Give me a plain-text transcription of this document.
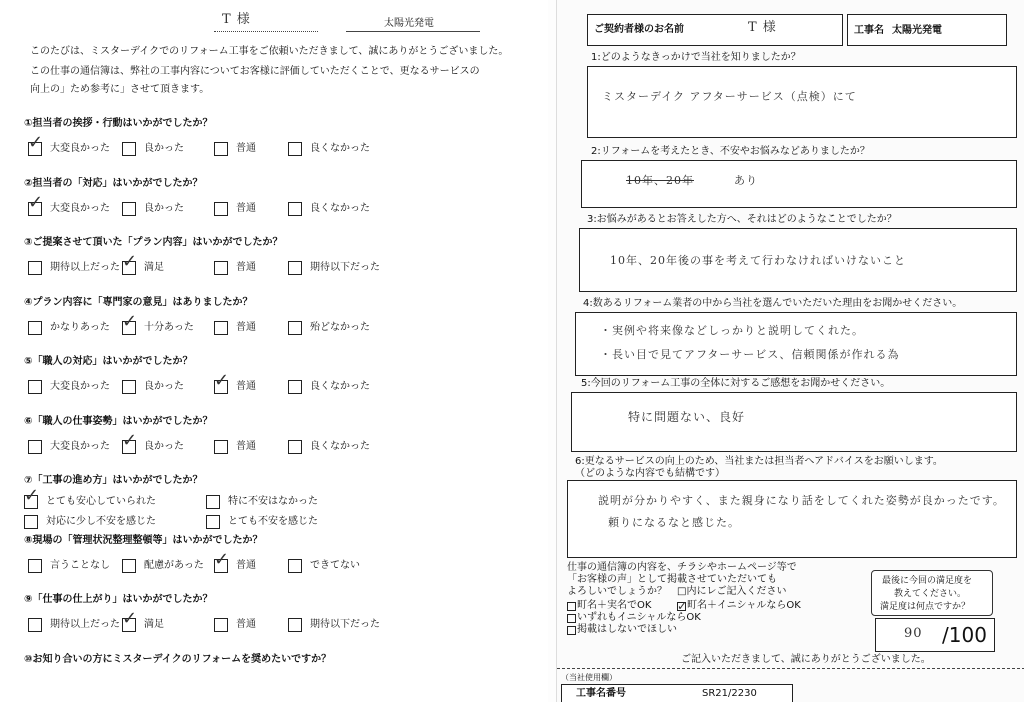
T 様	太陽光発電
このたびは、ミスターデイクでのリフォーム工事をご依頼いただきまして、誠にありがとうございました。
この仕事の通信簿は、弊社の工事内容についてお客様に評価していただくことで、更なるサービスの
向上の」ため参考に」させて頂きます。
①担当者の挨拶・行動はいかがでしたか？
✓ 大変良かった	良かった	普通	良くなかった
②担当者の「対応」はいかがでしたか？
✓ 大変良かった	良かった	普通	良くなかった
③ご提案させて頂いた「プラン内容」はいかがでしたか？
期待以上だった ✓ 満足	普通	期待以下だった
④プラン内容に「専門家の意見」はありましたか？
かなりあった ✓ 十分あった	普通	殆どなかった
⑤「職人の対応」はいかがでしたか？
大変良かった	良かった ✓ 普通	良くなかった
⑥「職人の仕事姿勢」はいかがでしたか？
大変良かった ✓ 良かった	普通	良くなかった
⑦「工事の進め方」はいかがでしたか？
✓ とても安心していられた	特に不安はなかった
対応に少し不安を感じた	とても不安を感じた
⑧現場の「管理状況整理整頓等」はいかがでしたか？
言うことなし	配慮があった ✓ 普通	できてない
⑨「仕事の仕上がり」はいかがでしたか？
期待以上だった ✓ 満足	普通	期待以下だった
⑩お知り合いの方にミスターデイクのリフォームを奨めたいですか？
ご契約者様のお名前	T 様	工事名 太陽光発電
1:どのようなきっかけで当社を知りましたか？
ミスターデイク アフターサービス（点検）にて
2:リフォームを考えたとき、不安やお悩みなどありましたか？
10年、20年	あり
3:お悩みがあるとお答えした方へ、それはどのようなことでしたか？
10年、20年後の事を考えて行わなければいけないこと
4:数あるリフォーム業者の中から当社を選んでいただいた理由をお聞かせください。
・実例や将来像などしっかりと説明してくれた。
・長い目で見てアフターサービス、信頼関係が作れる為
5:今回のリフォーム工事の全体に対するご感想をお聞かせください。
特に問題ない、良好
6:更なるサービスの向上のため、当社または担当者へアドバイスをお願いします。
（どのような内容でも結構です）
説明が分かりやすく、また親身になり話をしてくれた姿勢が良かったです。
頼りになるなと感じた。
仕事の通信簿の内容を、チラシやホームページ等で
「お客様の声」として掲載させていただいても
よろしいでしょうか？ □内にレご記入ください
町名＋実名でOK ✓ 町名＋イニシャルならOK
いずれもイニシャルならOK
掲載はしないでほしい
最後に今回の満足度を
教えてください。
満足度は何点ですか？
90 /100
ご記入いただきまして、誠にありがとうございました。
（当社使用欄）
工事名番号	SR21/2230
